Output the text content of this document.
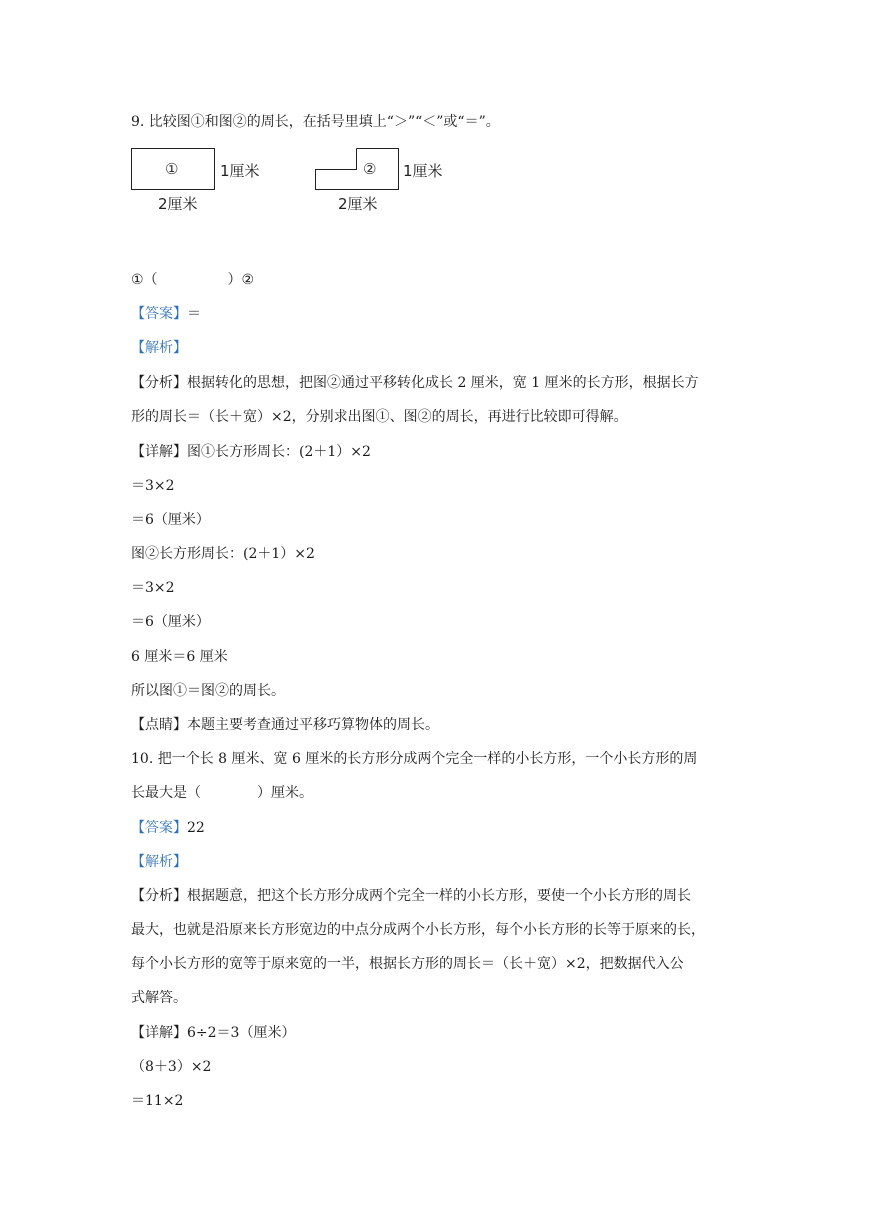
9. 比较图①和图②的周长，在括号里填上“＞”“＜”或“＝”。
①	1厘米
2厘米
② 1厘米
2厘米
①（　　　　　）②
【答案】＝
【解析】
【分析】根据转化的思想，把图②通过平移转化成长 2 厘米，宽 1 厘米的长方形，根据长方
形的周长＝（长＋宽）×2，分别求出图①、图②的周长，再进行比较即可得解。
【详解】图①长方形周长：(2＋1）×2
＝3×2
＝6（厘米）
图②长方形周长：(2＋1）×2
＝3×2
＝6（厘米）
6 厘米＝6 厘米
所以图①＝图②的周长。
【点睛】本题主要考查通过平移巧算物体的周长。
10. 把一个长 8 厘米、宽 6 厘米的长方形分成两个完全一样的小长方形，一个小长方形的周
长最大是（　　　　）厘米。
【答案】22
【解析】
【分析】根据题意，把这个长方形分成两个完全一样的小长方形，要使一个小长方形的周长
最大，也就是沿原来长方形宽边的中点分成两个小长方形，每个小长方形的长等于原来的长，
每个小长方形的宽等于原来宽的一半，根据长方形的周长＝（长＋宽）×2，把数据代入公
式解答。
【详解】6÷2＝3（厘米）
（8＋3）×2
＝11×2
